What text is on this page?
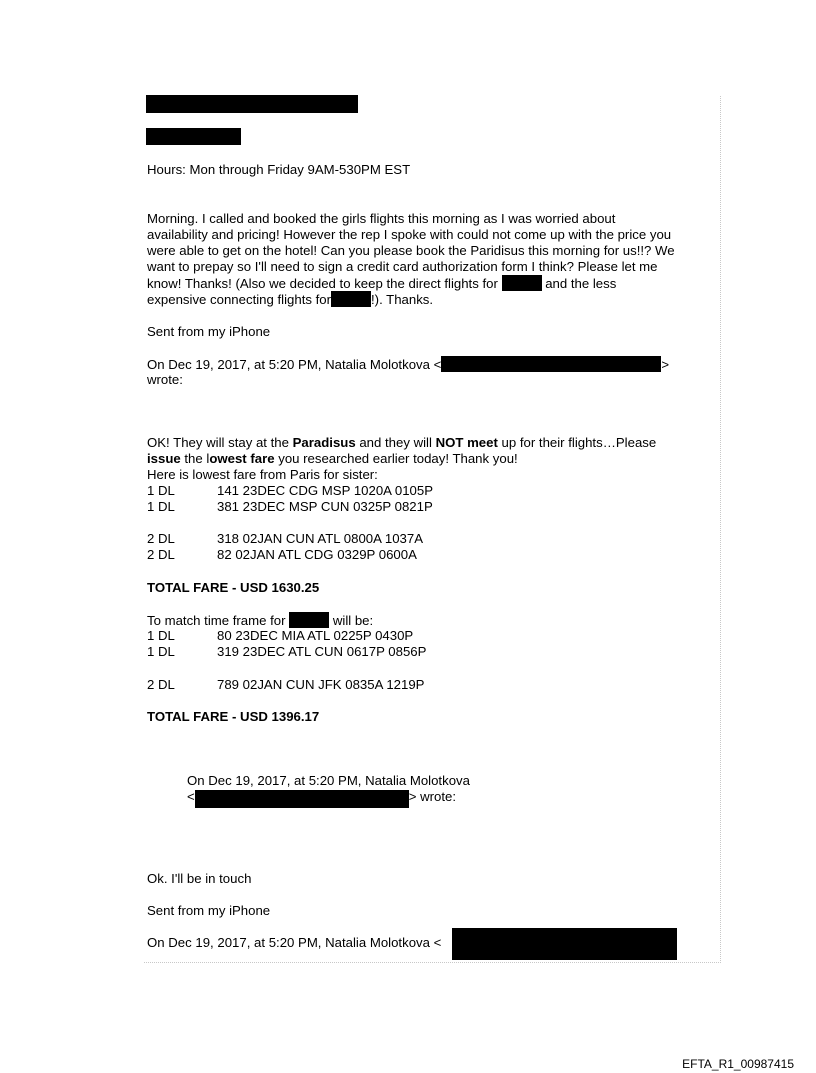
Hours: Mon through Friday 9AM-530PM EST

Morning. I called and booked the girls flights this morning as I was worried about

availability and pricing! However the rep I spoke with could not come up with the price you

were able to get on the hotel! Can you please book the Paridisus this morning for us!!? We

want to prepay so I'll need to sign a credit card authorization form I think? Please let me

know! Thanks! (Also we decided to keep the direct flights for	and the less

expensive connecting flights for	!). Thanks.

Sent from my iPhone

On Dec 19, 2017, at 5:20 PM, Natalia Molotkova <	>

wrote:

OK! They will stay at the Paradisus and they will NOT meet up for their flights…Please

issue the lowest fare you researched earlier today! Thank you!

Here is lowest fare from Paris for sister:

1 DL	141 23DEC CDG MSP 1020A 0105P

1 DL	381 23DEC MSP CUN 0325P 0821P

2 DL	318 02JAN CUN ATL 0800A 1037A

2 DL	82 02JAN ATL CDG 0329P 0600A

TOTAL FARE - USD 1630.25

To match time frame for	will be:

1 DL	80 23DEC MIA ATL 0225P 0430P

1 DL	319 23DEC ATL CUN 0617P 0856P

2 DL	789 02JAN CUN JFK 0835A 1219P

TOTAL FARE - USD 1396.17

On Dec 19, 2017, at 5:20 PM, Natalia Molotkova

<	> wrote:

Ok. I'll be in touch

Sent from my iPhone

On Dec 19, 2017, at 5:20 PM, Natalia Molotkova <

EFTA_R1_00987415
